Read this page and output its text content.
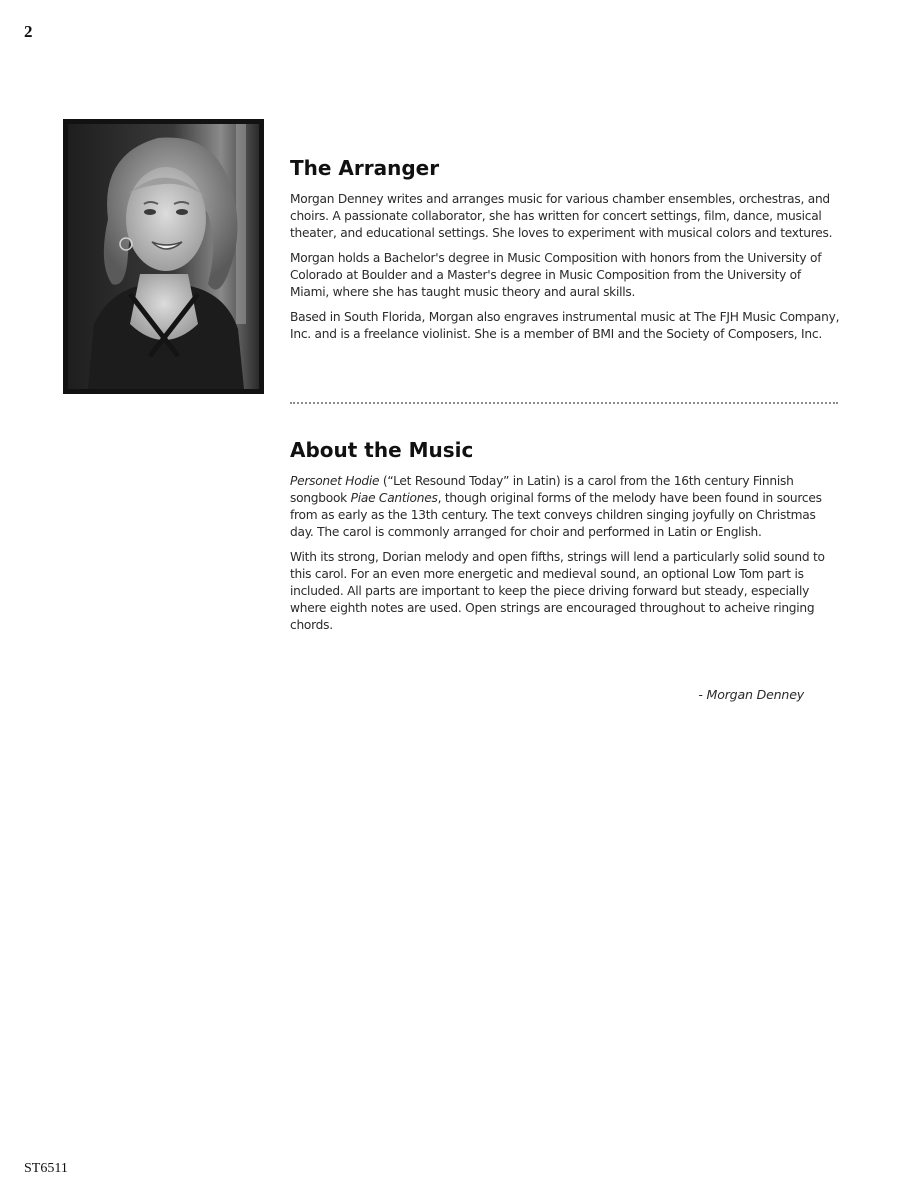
2
The Arranger

Morgan Denney writes and arranges music for various chamber ensembles, orchestras, and choirs. A passionate collaborator, she has written for concert settings, film, dance, musical theater, and educational settings. She loves to experiment with musical colors and textures.

Morgan holds a Bachelor's degree in Music Composition with honors from the University of Colorado at Boulder and a Master's degree in Music Composition from the University of Miami, where she has taught music theory and aural skills.

Based in South Florida, Morgan also engraves instrumental music at The FJH Music Company, Inc. and is a freelance violinist. She is a member of BMI and the Society of Composers, Inc.

About the Music

Personet Hodie (“Let Resound Today” in Latin) is a carol from the 16th century Finnish songbook Piae Cantiones, though original forms of the melody have been found in sources from as early as the 13th century. The text conveys children singing joyfully on Christmas day. The carol is commonly arranged for choir and performed in Latin or English.

With its strong, Dorian melody and open fifths, strings will lend a particularly solid sound to this carol. For an even more energetic and medieval sound, an optional Low Tom part is included. All parts are important to keep the piece driving forward but steady, especially where eighth notes are used. Open strings are encouraged throughout to acheive ringing chords.

- Morgan Denney
ST6511
